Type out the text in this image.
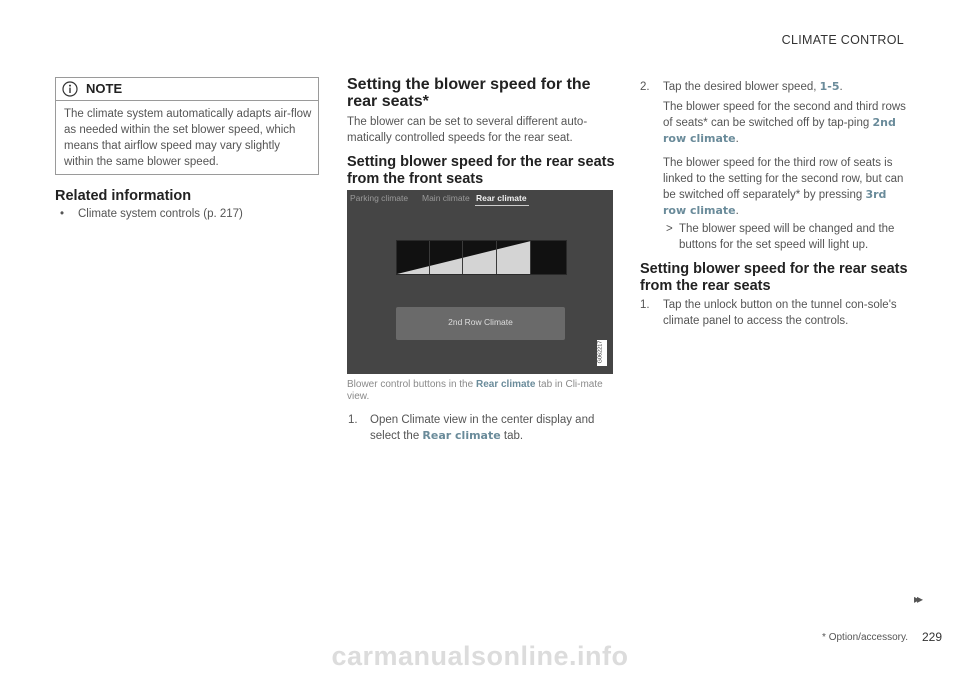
CLIMATE CONTROL
NOTE
The climate system automatically adapts air-flow as needed within the set blower speed, which means that airflow speed may vary slightly within the same blower speed.
Related information
• Climate system controls (p. 217)
Setting the blower speed for the rear seats*
The blower can be set to several different auto-matically controlled speeds for the rear seat.
Setting blower speed for the rear seats from the front seats
Parking climate Main climate Rear climate
2nd Row Climate
G062217
Blower control buttons in the Rear climate tab in Cli-mate view.
1. Open Climate view in the center display and select the Rear climate tab.
2. Tap the desired blower speed, 1-5.
The blower speed for the second and third rows of seats* can be switched off by tap-ping 2nd row climate.
The blower speed for the third row of seats is linked to the setting for the second row, but can be switched off separately* by pressing 3rd row climate.
> The blower speed will be changed and the buttons for the set speed will light up.
Setting blower speed for the rear seats from the rear seats
1. Tap the unlock button on the tunnel con-sole's climate panel to access the controls.
▸▸
* Option/accessory. 229
carmanualsonline.info
